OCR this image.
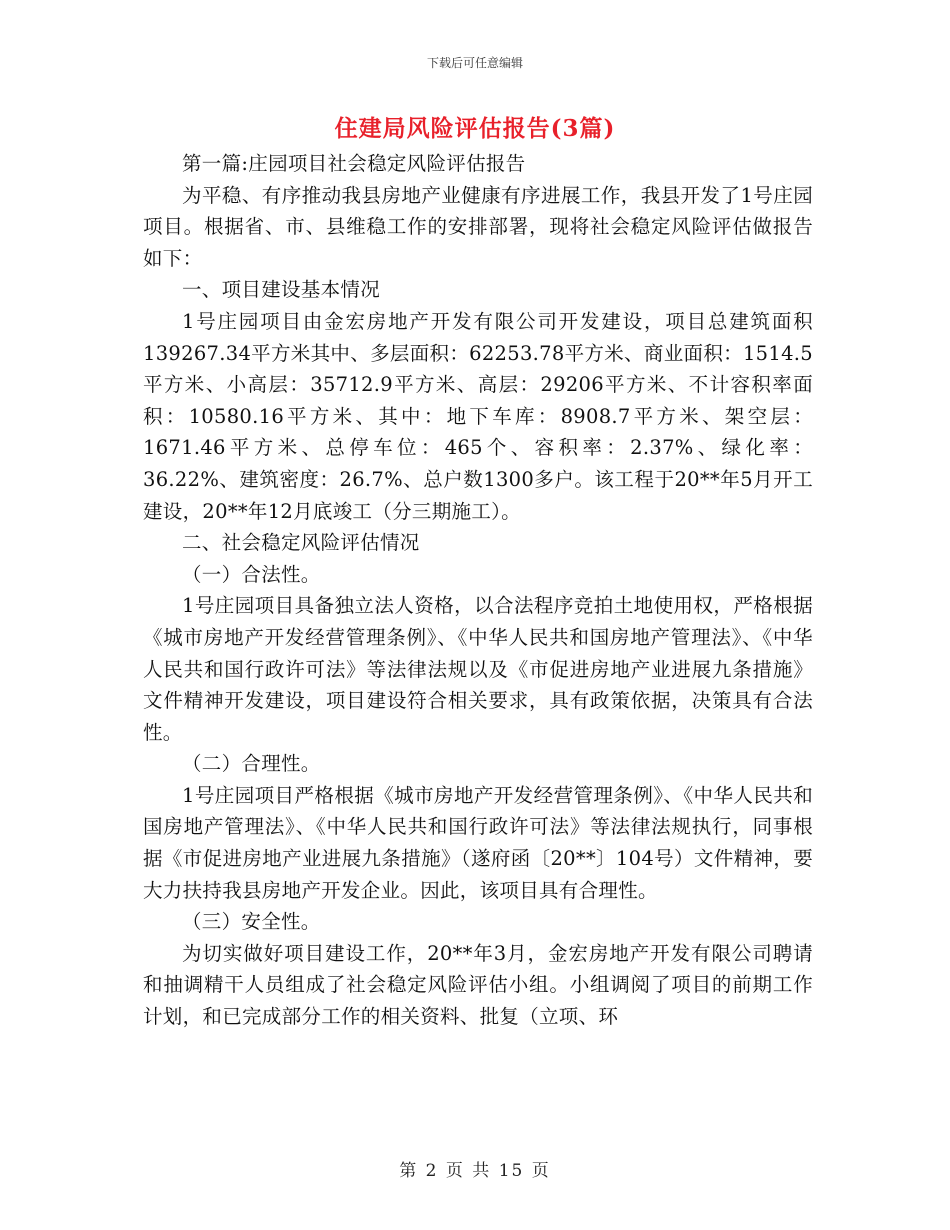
下载后可任意编辑
住建局风险评估报告(3篇)

第一篇:庄园项目社会稳定风险评估报告

为平稳、有序推动我县房地产业健康有序进展工作，我县开发了1号庄园项目。根据省、市、县维稳工作的安排部署，现将社会稳定风险评估做报告如下：

一、项目建设基本情况

1号庄园项目由金宏房地产开发有限公司开发建设，项目总建筑面积139267.34平方米其中、多层面积：62253.78平方米、商业面积：1514.5平方米、小高层：35712.9平方米、高层：29206平方米、不计容积率面积：10580.16平方米、其中：地下车库：8908.7平方米、架空层：1671.46平方米、总停车位：465个、容积率：2.37%、绿化率：36.22%、建筑密度：26.7%、总户数1300多户。该工程于20**年5月开工建设，20**年12月底竣工（分三期施工）。

二、社会稳定风险评估情况

（一）合法性。

1号庄园项目具备独立法人资格，以合法程序竞拍土地使用权，严格根据《城市房地产开发经营管理条例》、《中华人民共和国房地产管理法》、《中华人民共和国行政许可法》等法律法规以及《市促进房地产业进展九条措施》文件精神开发建设，项目建设符合相关要求，具有政策依据，决策具有合法性。

（二）合理性。

1号庄园项目严格根据《城市房地产开发经营管理条例》、《中华人民共和国房地产管理法》、《中华人民共和国行政许可法》等法律法规执行，同事根据《市促进房地产业进展九条措施》（遂府函〔20**〕104号）文件精神，要大力扶持我县房地产开发企业。因此，该项目具有合理性。

（三）安全性。

为切实做好项目建设工作，20**年3月，金宏房地产开发有限公司聘请和抽调精干人员组成了社会稳定风险评估小组。小组调阅了项目的前期工作计划，和已完成部分工作的相关资料、批复（立项、环

第 2 页 共 15 页
